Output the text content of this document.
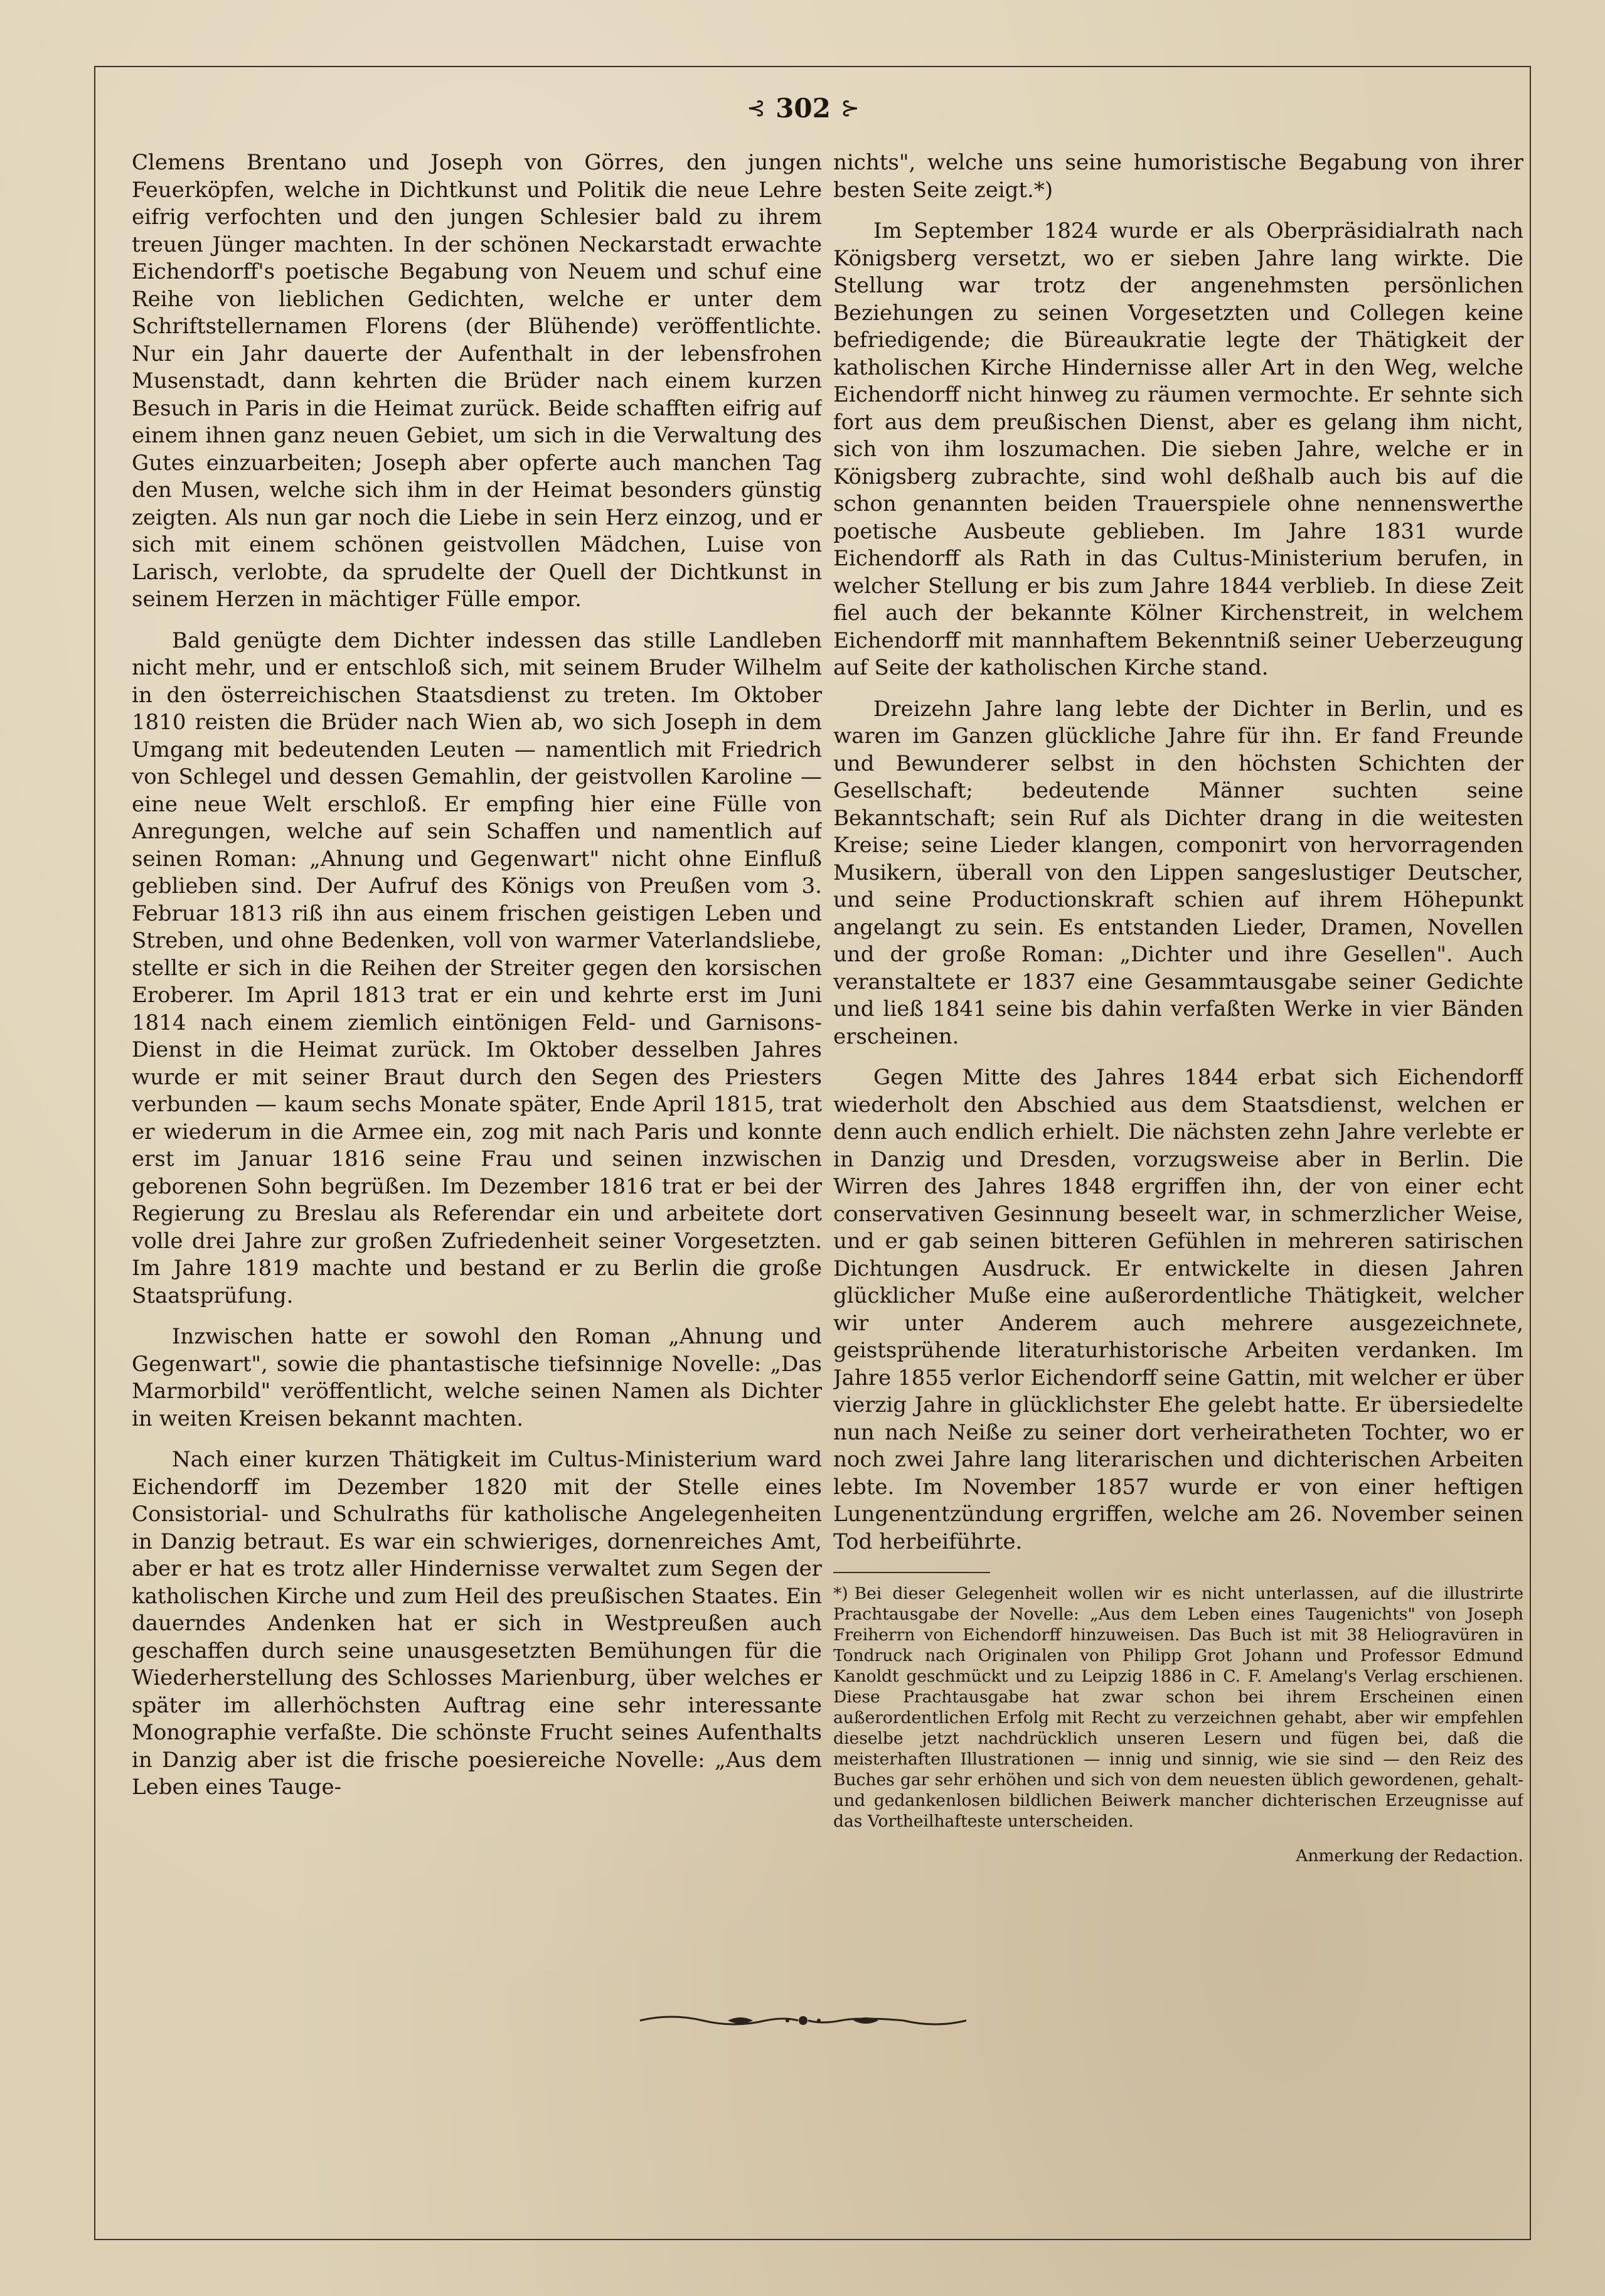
⊰ 302 ⊱

Clemens Brentano und Joseph von Görres, den jungen Feuerköpfen, welche in Dichtkunst und Politik die neue Lehre eifrig verfochten und den jungen Schlesier bald zu ihrem treuen Jünger machten. In der schönen Neckarstadt erwachte Eichendorff's poetische Begabung von Neuem und schuf eine Reihe von lieblichen Gedichten, welche er unter dem Schriftstellernamen Florens (der Blühende) veröffentlichte. Nur ein Jahr dauerte der Aufenthalt in der lebensfrohen Musenstadt, dann kehrten die Brüder nach einem kurzen Besuch in Paris in die Heimat zurück. Beide schafften eifrig auf einem ihnen ganz neuen Gebiet, um sich in die Verwaltung des Gutes einzuarbeiten; Joseph aber opferte auch manchen Tag den Musen, welche sich ihm in der Heimat besonders günstig zeigten. Als nun gar noch die Liebe in sein Herz einzog, und er sich mit einem schönen geistvollen Mädchen, Luise von Larisch, verlobte, da sprudelte der Quell der Dichtkunst in seinem Herzen in mächtiger Fülle empor.

Bald genügte dem Dichter indessen das stille Landleben nicht mehr, und er entschloß sich, mit seinem Bruder Wilhelm in den österreichischen Staatsdienst zu treten. Im Oktober 1810 reisten die Brüder nach Wien ab, wo sich Joseph in dem Umgang mit bedeutenden Leuten — namentlich mit Friedrich von Schlegel und dessen Gemahlin, der geistvollen Karoline — eine neue Welt erschloß. Er empfing hier eine Fülle von Anregungen, welche auf sein Schaffen und namentlich auf seinen Roman: „Ahnung und Gegenwart" nicht ohne Einfluß geblieben sind. Der Aufruf des Königs von Preußen vom 3. Februar 1813 riß ihn aus einem frischen geistigen Leben und Streben, und ohne Bedenken, voll von warmer Vaterlandsliebe, stellte er sich in die Reihen der Streiter gegen den korsischen Eroberer. Im April 1813 trat er ein und kehrte erst im Juni 1814 nach einem ziemlich eintönigen Feld- und Garnisons-Dienst in die Heimat zurück. Im Oktober desselben Jahres wurde er mit seiner Braut durch den Segen des Priesters verbunden — kaum sechs Monate später, Ende April 1815, trat er wiederum in die Armee ein, zog mit nach Paris und konnte erst im Januar 1816 seine Frau und seinen inzwischen geborenen Sohn begrüßen. Im Dezember 1816 trat er bei der Regierung zu Breslau als Referendar ein und arbeitete dort volle drei Jahre zur großen Zufriedenheit seiner Vorgesetzten. Im Jahre 1819 machte und bestand er zu Berlin die große Staatsprüfung.

Inzwischen hatte er sowohl den Roman „Ahnung und Gegenwart", sowie die phantastische tiefsinnige Novelle: „Das Marmorbild" veröffentlicht, welche seinen Namen als Dichter in weiten Kreisen bekannt machten.

Nach einer kurzen Thätigkeit im Cultus-Ministerium ward Eichendorff im Dezember 1820 mit der Stelle eines Consistorial- und Schulraths für katholische Angelegenheiten in Danzig betraut. Es war ein schwieriges, dornenreiches Amt, aber er hat es trotz aller Hindernisse verwaltet zum Segen der katholischen Kirche und zum Heil des preußischen Staates. Ein dauerndes Andenken hat er sich in Westpreußen auch geschaffen durch seine unausgesetzten Bemühungen für die Wiederherstellung des Schlosses Marienburg, über welches er später im allerhöchsten Auftrag eine sehr interessante Monographie verfaßte. Die schönste Frucht seines Aufenthalts in Danzig aber ist die frische poesiereiche Novelle: „Aus dem Leben eines Tauge-

nichts", welche uns seine humoristische Begabung von ihrer besten Seite zeigt.*)

Im September 1824 wurde er als Oberpräsidialrath nach Königsberg versetzt, wo er sieben Jahre lang wirkte. Die Stellung war trotz der angenehmsten persönlichen Beziehungen zu seinen Vorgesetzten und Collegen keine befriedigende; die Büreaukratie legte der Thätigkeit der katholischen Kirche Hindernisse aller Art in den Weg, welche Eichendorff nicht hinweg zu räumen vermochte. Er sehnte sich fort aus dem preußischen Dienst, aber es gelang ihm nicht, sich von ihm loszumachen. Die sieben Jahre, welche er in Königsberg zubrachte, sind wohl deßhalb auch bis auf die schon genannten beiden Trauerspiele ohne nennenswerthe poetische Ausbeute geblieben. Im Jahre 1831 wurde Eichendorff als Rath in das Cultus-Ministerium berufen, in welcher Stellung er bis zum Jahre 1844 verblieb. In diese Zeit fiel auch der bekannte Kölner Kirchenstreit, in welchem Eichendorff mit mannhaftem Bekenntniß seiner Ueberzeugung auf Seite der katholischen Kirche stand.

Dreizehn Jahre lang lebte der Dichter in Berlin, und es waren im Ganzen glückliche Jahre für ihn. Er fand Freunde und Bewunderer selbst in den höchsten Schichten der Gesellschaft; bedeutende Männer suchten seine Bekanntschaft; sein Ruf als Dichter drang in die weitesten Kreise; seine Lieder klangen, componirt von hervorragenden Musikern, überall von den Lippen sangeslustiger Deutscher, und seine Productionskraft schien auf ihrem Höhepunkt angelangt zu sein. Es entstanden Lieder, Dramen, Novellen und der große Roman: „Dichter und ihre Gesellen". Auch veranstaltete er 1837 eine Gesammtausgabe seiner Gedichte und ließ 1841 seine bis dahin verfaßten Werke in vier Bänden erscheinen.

Gegen Mitte des Jahres 1844 erbat sich Eichendorff wiederholt den Abschied aus dem Staatsdienst, welchen er denn auch endlich erhielt. Die nächsten zehn Jahre verlebte er in Danzig und Dresden, vorzugsweise aber in Berlin. Die Wirren des Jahres 1848 ergriffen ihn, der von einer echt conservativen Gesinnung beseelt war, in schmerzlicher Weise, und er gab seinen bitteren Gefühlen in mehreren satirischen Dichtungen Ausdruck. Er entwickelte in diesen Jahren glücklicher Muße eine außerordentliche Thätigkeit, welcher wir unter Anderem auch mehrere ausgezeichnete, geistsprühende literaturhistorische Arbeiten verdanken. Im Jahre 1855 verlor Eichendorff seine Gattin, mit welcher er über vierzig Jahre in glücklichster Ehe gelebt hatte. Er übersiedelte nun nach Neiße zu seiner dort verheiratheten Tochter, wo er noch zwei Jahre lang literarischen und dichterischen Arbeiten lebte. Im November 1857 wurde er von einer heftigen Lungenentzündung ergriffen, welche am 26. November seinen Tod herbeiführte.

*) Bei dieser Gelegenheit wollen wir es nicht unterlassen, auf die illustrirte Prachtausgabe der Novelle: „Aus dem Leben eines Taugenichts" von Joseph Freiherrn von Eichendorff hinzuweisen. Das Buch ist mit 38 Heliogravüren in Tondruck nach Originalen von Philipp Grot Johann und Professor Edmund Kanoldt geschmückt und zu Leipzig 1886 in C. F. Amelang's Verlag erschienen. Diese Prachtausgabe hat zwar schon bei ihrem Erscheinen einen außerordentlichen Erfolg mit Recht zu verzeichnen gehabt, aber wir empfehlen dieselbe jetzt nachdrücklich unseren Lesern und fügen bei, daß die meisterhaften Illustrationen — innig und sinnig, wie sie sind — den Reiz des Buches gar sehr erhöhen und sich von dem neuesten üblich gewordenen, gehalt- und gedankenlosen bildlichen Beiwerk mancher dichterischen Erzeugnisse auf das Vortheilhafteste unterscheiden.

Anmerkung der Redaction.
